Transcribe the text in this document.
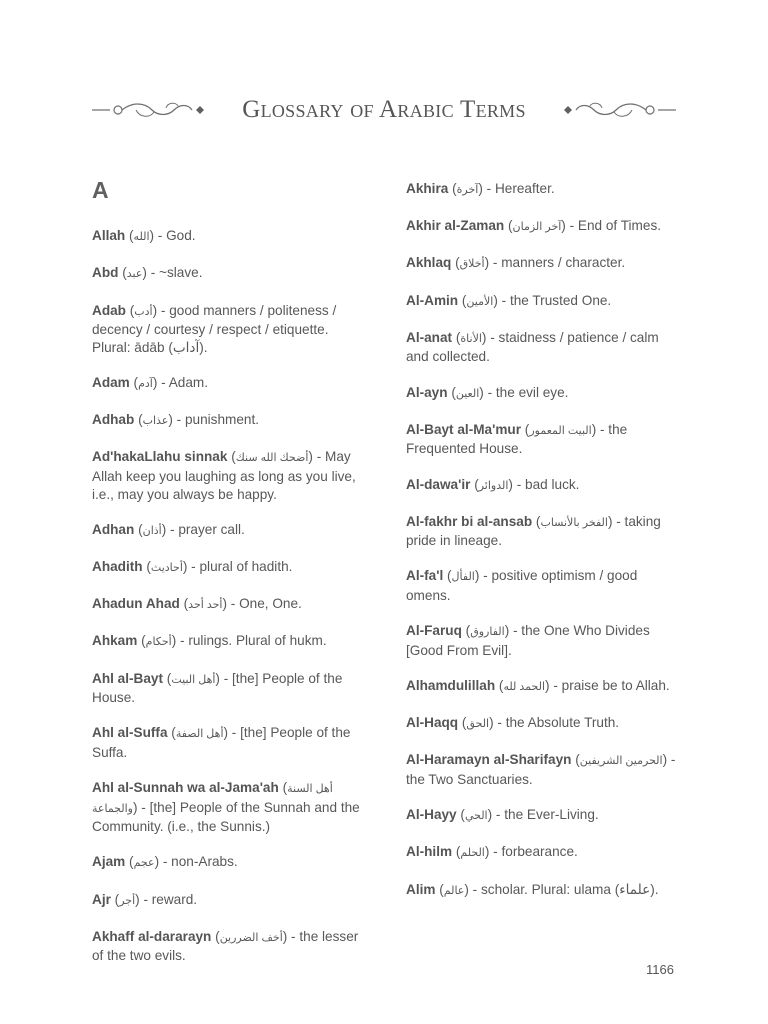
Glossary of Arabic Terms
A
Allah (الله) - God.
Abd (عبد) - ~slave.
Adab (أدب) - good manners / politeness / decency / courtesy / respect / etiquette. Plural: ādāb (آداب).
Adam (آدم) - Adam.
Adhab (عذاب) - punishment.
Ad'hakaLlahu sinnak (أضحك الله سنك) - May Allah keep you laughing as long as you live, i.e., may you always be happy.
Adhan (أذان) - prayer call.
Ahadith (أحاديث) - plural of hadith.
Ahadun Ahad (أحد أحد) - One, One.
Ahkam (أحكام) - rulings. Plural of hukm.
Ahl al-Bayt (أهل البيت) - [the] People of the House.
Ahl al-Suffa (أهل الصفة) - [the] People of the Suffa.
Ahl al-Sunnah wa al-Jama'ah (أهل السنة والجماعة) - [the] People of the Sunnah and the Community. (i.e., the Sunnis.)
Ajam (عجم) - non-Arabs.
Ajr (أجر) - reward.
Akhaff al-dararayn (أخف الضررين) - the lesser of the two evils.
Akhira (آخرة) - Hereafter.
Akhir al-Zaman (آخر الزمان) - End of Times.
Akhlaq (أخلاق) - manners / character.
Al-Amin (الأمين) - the Trusted One.
Al-anat (الأناة) - staidness / patience / calm and collected.
Al-ayn (العين) - the evil eye.
Al-Bayt al-Ma'mur (البيت المعمور) - the Frequented House.
Al-dawa'ir (الدوائر) - bad luck.
Al-fakhr bi al-ansab (الفخر بالأنساب) - taking pride in lineage.
Al-fa'l (الفأل) - positive optimism / good omens.
Al-Faruq (الفاروق) - the One Who Divides [Good From Evil].
Alhamdulillah (الحمد لله) - praise be to Allah.
Al-Haqq (الحق) - the Absolute Truth.
Al-Haramayn al-Sharifayn (الحرمين الشريفين) - the Two Sanctuaries.
Al-Hayy (الحي) - the Ever-Living.
Al-hilm (الحلم) - forbearance.
Alim (عالم) - scholar. Plural: ulama (علماء).
1166
